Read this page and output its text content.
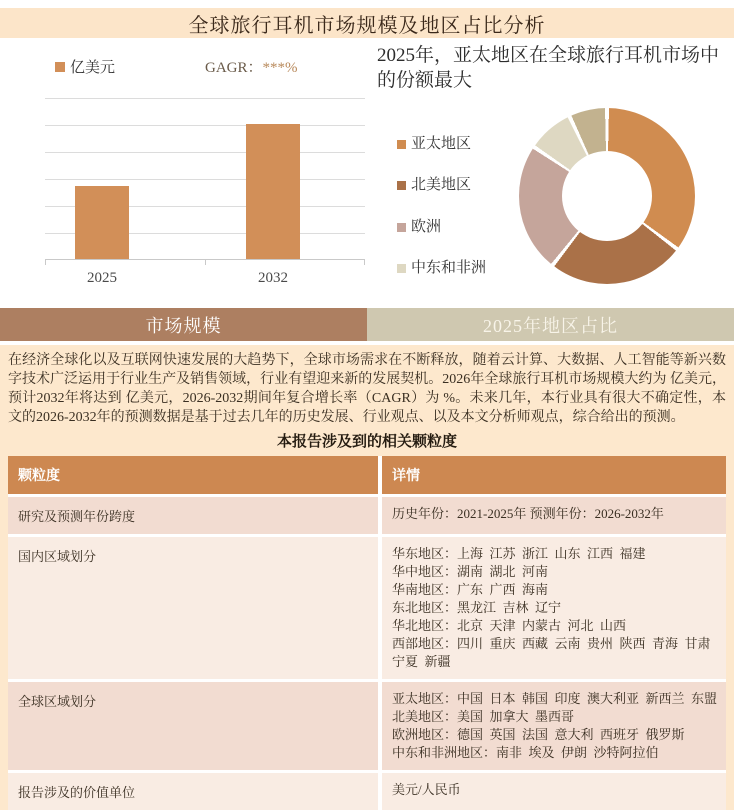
全球旅行耳机市场规模及地区占比分析
亿美元	GAGR：***%
2025	2032
2025年，亚太地区在全球旅行耳机市场中的份额最大
亚太地区
北美地区
欧洲
中东和非洲
市场规模	2025年地区占比
在经济全球化以及互联网快速发展的大趋势下，全球市场需求在不断释放，随着云计算、大数据、人工智能等新兴数字技术广泛运用于行业生产及销售领域，行业有望迎来新的发展契机。2026年全球旅行耳机市场规模大约为 亿美元，预计2032年将达到 亿美元，2026-2032期间年复合增长率（CAGR）为 %。未来几年，本行业具有很大不确定性，本文的2026-2032年的预测数据是基于过去几年的历史发展、行业观点、以及本文分析师观点，综合给出的预测。
本报告涉及到的相关颗粒度
颗粒度	详情
研究及预测年份跨度	历史年份：2021-2025年 预测年份：2026-2032年
国内区域划分	华东地区：上海  江苏  浙江  山东  江西  福建
华中地区：湖南  湖北  河南
华南地区：广东  广西  海南
东北地区：黑龙江  吉林  辽宁
华北地区：北京  天津  内蒙古  河北  山西
西部地区：四川  重庆  西藏  云南  贵州  陕西  青海  甘肃  宁夏  新疆
全球区域划分	亚太地区：中国  日本  韩国  印度  澳大利亚  新西兰  东盟
北美地区：美国  加拿大  墨西哥
欧洲地区：德国  英国  法国  意大利  西班牙  俄罗斯
中东和非洲地区：南非  埃及  伊朗  沙特阿拉伯
报告涉及的价值单位	美元/人民币
